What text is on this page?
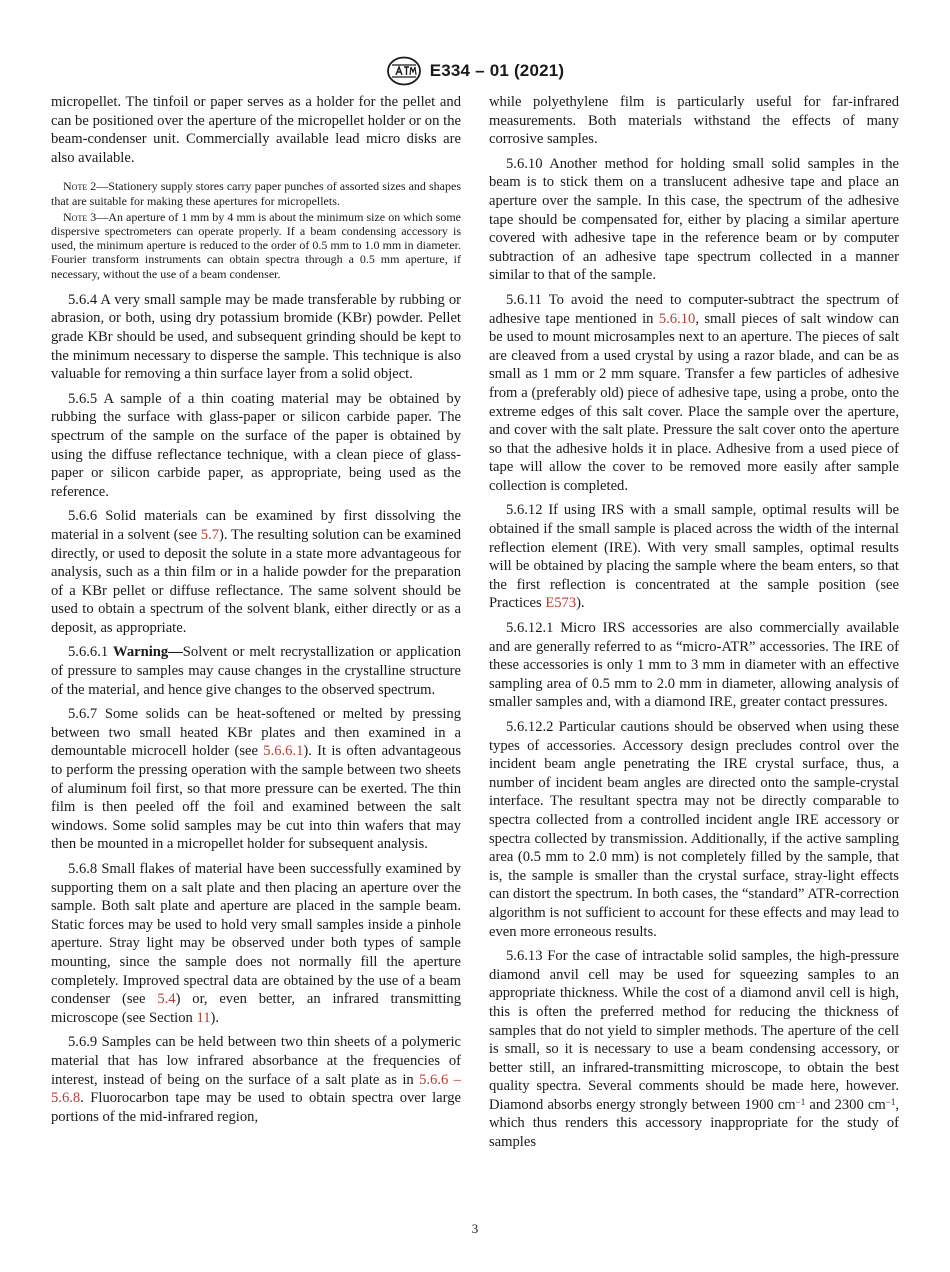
E334 – 01 (2021)

micropellet. The tinfoil or paper serves as a holder for the pellet and can be positioned over the aperture of the micropellet holder or on the beam-condenser unit. Commercially available lead micro disks are also available.

Note 2—Stationery supply stores carry paper punches of assorted sizes and shapes that are suitable for making these apertures for micropellets.

Note 3—An aperture of 1 mm by 4 mm is about the minimum size on which some dispersive spectrometers can operate properly. If a beam condensing accessory is used, the minimum aperture is reduced to the order of 0.5 mm to 1.0 mm in diameter. Fourier transform instruments can obtain spectra through a 0.5 mm aperture, if necessary, without the use of a beam condenser.

5.6.4 A very small sample may be made transferable by rubbing or abrasion, or both, using dry potassium bromide (KBr) powder. Pellet grade KBr should be used, and subsequent grinding should be kept to the minimum necessary to disperse the sample. This technique is also valuable for removing a thin surface layer from a solid object.

5.6.5 A sample of a thin coating material may be obtained by rubbing the surface with glass-paper or silicon carbide paper. The spectrum of the sample on the surface of the paper is obtained by using the diffuse reflectance technique, with a clean piece of glass-paper or silicon carbide paper, as appropriate, being used as the reference.

5.6.6 Solid materials can be examined by first dissolving the material in a solvent (see 5.7). The resulting solution can be examined directly, or used to deposit the solute in a state more advantageous for analysis, such as a thin film or in a halide powder for the preparation of a KBr pellet or diffuse reflectance. The same solvent should be used to obtain a spectrum of the solvent blank, either directly or as a deposit, as appropriate.

5.6.6.1 Warning—Solvent or melt recrystallization or application of pressure to samples may cause changes in the crystalline structure of the material, and hence give changes to the observed spectrum.

5.6.7 Some solids can be heat-softened or melted by pressing between two small heated KBr plates and then examined in a demountable microcell holder (see 5.6.6.1). It is often advantageous to perform the pressing operation with the sample between two sheets of aluminum foil first, so that more pressure can be exerted. The thin film is then peeled off the foil and examined between the salt windows. Some solid samples may be cut into thin wafers that may then be mounted in a micropellet holder for subsequent analysis.

5.6.8 Small flakes of material have been successfully examined by supporting them on a salt plate and then placing an aperture over the sample. Both salt plate and aperture are placed in the sample beam. Static forces may be used to hold very small samples inside a pinhole aperture. Stray light may be observed under both types of sample mounting, since the sample does not normally fill the aperture completely. Improved spectral data are obtained by the use of a beam condenser (see 5.4) or, even better, an infrared transmitting microscope (see Section 11).

5.6.9 Samples can be held between two thin sheets of a polymeric material that has low infrared absorbance at the frequencies of interest, instead of being on the surface of a salt plate as in 5.6.6 – 5.6.8. Fluorocarbon tape may be used to obtain spectra over large portions of the mid-infrared region,

while polyethylene film is particularly useful for far-infrared measurements. Both materials withstand the effects of many corrosive samples.

5.6.10 Another method for holding small solid samples in the beam is to stick them on a translucent adhesive tape and place an aperture over the sample. In this case, the spectrum of the adhesive tape should be compensated for, either by placing a similar aperture covered with adhesive tape in the reference beam or by computer subtraction of an adhesive tape spectrum collected in a manner similar to that of the sample.

5.6.11 To avoid the need to computer-subtract the spectrum of adhesive tape mentioned in 5.6.10, small pieces of salt window can be used to mount microsamples next to an aperture. The pieces of salt are cleaved from a used crystal by using a razor blade, and can be as small as 1 mm or 2 mm square. Transfer a few particles of adhesive from a (preferably old) piece of adhesive tape, using a probe, onto the extreme edges of this salt cover. Place the sample over the aperture, and cover with the salt plate. Pressure the salt cover onto the aperture so that the adhesive holds it in place. Adhesive from a used piece of tape will allow the cover to be removed more easily after sample collection is completed.

5.6.12 If using IRS with a small sample, optimal results will be obtained if the small sample is placed across the width of the internal reflection element (IRE). With very small samples, optimal results will be obtained by placing the sample where the beam enters, so that the first reflection is concentrated at the sample position (see Practices E573).

5.6.12.1 Micro IRS accessories are also commercially available and are generally referred to as “micro-ATR” accessories. The IRE of these accessories is only 1 mm to 3 mm in diameter with an effective sampling area of 0.5 mm to 2.0 mm in diameter, allowing analysis of smaller samples and, with a diamond IRE, greater contact pressures.

5.6.12.2 Particular cautions should be observed when using these types of accessories. Accessory design precludes control over the incident beam angle penetrating the IRE crystal surface, thus, a number of incident beam angles are directed onto the sample-crystal interface. The resultant spectra may not be directly comparable to spectra collected from a controlled incident angle IRE accessory or spectra collected by transmission. Additionally, if the active sampling area (0.5 mm to 2.0 mm) is not completely filled by the sample, that is, the sample is smaller than the crystal surface, stray-light effects can distort the spectrum. In both cases, the “standard” ATR-correction algorithm is not sufficient to account for these effects and may lead to even more erroneous results.

5.6.13 For the case of intractable solid samples, the high-pressure diamond anvil cell may be used for squeezing samples to an appropriate thickness. While the cost of a diamond anvil cell is high, this is often the preferred method for reducing the thickness of samples that do not yield to simpler methods. The aperture of the cell is small, so it is necessary to use a beam condensing accessory, or better still, an infrared-transmitting microscope, to obtain the best quality spectra. Several comments should be made here, however. Diamond absorbs energy strongly between 1900 $cm^{-1}$ and 2300 $cm^{-1}$, which thus renders this accessory inappropriate for the study of samples

3
